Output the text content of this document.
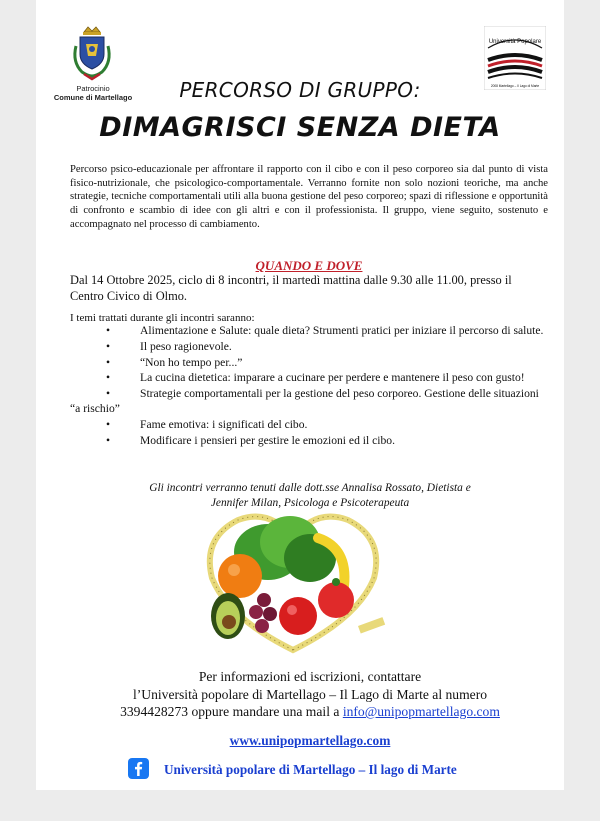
Patrocinio
Comune di Martellago
Università Popolare
2008 Martellago – Il Lago di Marte
PERCORSO DI GRUPPO:
DIMAGRISCI SENZA DIETA
Percorso psico-educazionale per affrontare il rapporto con il cibo e con il peso corporeo sia dal punto di vista fisico-nutrizionale, che psicologico-comportamentale. Verranno fornite non solo nozioni teoriche, ma anche strategie, tecniche comportamentali utili alla buona gestione del peso corporeo; spazi di riflessione e opportunità di confronto e scambio di idee con gli altri e con il professionista. Il gruppo, viene seguito, sostenuto e accompagnato nel processo di cambiamento.
QUANDO E DOVE
Dal 14 Ottobre 2025, ciclo di 8 incontri, il martedì mattina dalle 9.30 alle 11.00, presso il Centro Civico di Olmo.
I temi trattati durante gli incontri saranno:
•	Alimentazione e Salute: quale dieta? Strumenti pratici per iniziare il percorso di salute.
•	Il peso ragionevole.
•	“Non ho tempo per...”
•	La cucina dietetica: imparare a cucinare per perdere e mantenere il peso con gusto!
•	Strategie comportamentali per la gestione del peso corporeo. Gestione delle situazioni “a rischio”
•	Fame emotiva: i significati del cibo.
•	Modificare i pensieri per gestire le emozioni ed il cibo.
Gli incontri verranno tenuti dalle dott.sse Annalisa Rossato, Dietista e
Jennifer Milan, Psicologa e Psicoterapeuta
Per informazioni ed iscrizioni, contattare
l’Università popolare di Martellago – Il Lago di Marte al numero
3394428273 oppure mandare una mail a info@unipopmartellago.com
www.unipopmartellago.com
Università popolare di Martellago – Il lago di Marte
